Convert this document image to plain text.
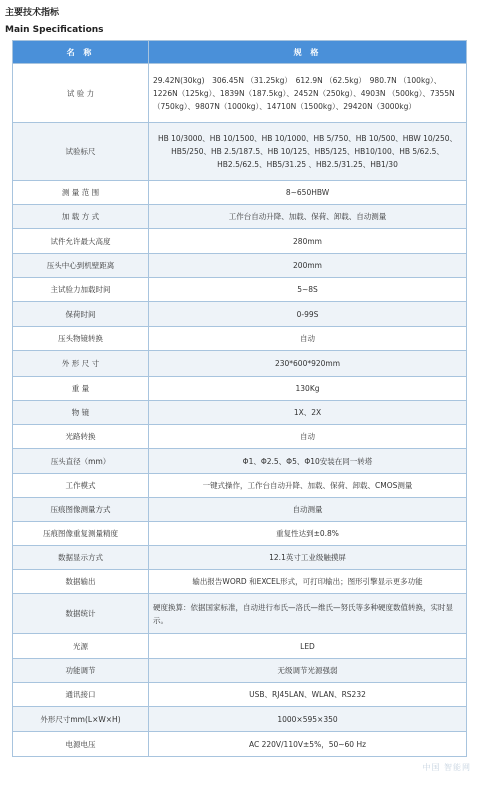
主要技术指标
Main Specifications
名 称	规 格
试 验 力	29.42N(30kg)　306.45N （31.25kg）　612.9N （62.5kg）　980.7N （100kg）、1226N（125kg）、1839N（187.5kg）、2452N（250kg）、4903N （500kg）、7355N（750kg）、9807N（1000kg）、14710N（1500kg）、29420N（3000kg）
试验标尺	HB 10/3000、HB 10/1500、HB 10/1000、HB 5/750、HB 10/500、HBW 10/250、HB5/250、HB 2.5/187.5、HB 10/125、HB5/125、HB10/100、HB 5/62.5、HB2.5/62.5、HB5/31.25 、HB2.5/31.25、HB1/30
测 量 范 围	8~650HBW
加 载 方 式	工作台自动升降、加载、保荷、卸载、自动测量
试件允许最大高度	280mm
压头中心到机壁距离	200mm
主试验力加载时间	5~8S
保荷时间	0-99S
压头物镜转换	自动
外 形 尺 寸	230*600*920mm
重 量	130Kg
物 镜	1X、2X
光路转换	自动
压头直径（mm）	Φ1、Φ2.5、Φ5、Φ10安装在同一转塔
工作模式	一键式操作，工作台自动升降、加载、保荷、卸载、CMOS测量
压痕图像测量方式	自动测量
压痕图像重复测量精度	重复性达到±0.8%
数据显示方式	12.1英寸工业级触摸屏
数据输出	输出报告WORD 和EXCEL形式，可打印输出；图形引擎显示更多功能
数据统计	硬度换算：依据国家标准，自动进行布氏—洛氏—维氏—努氏等多种硬度数值转换，实时显示。
光源	LED
功能调节	无级调节光源强弱
通讯接口	USB、RJ45LAN、WLAN、RS232
外形尺寸mm(L×W×H)	1000×595×350
电源电压	AC 220V/110V±5%，50~60 Hz
中国 智能网
